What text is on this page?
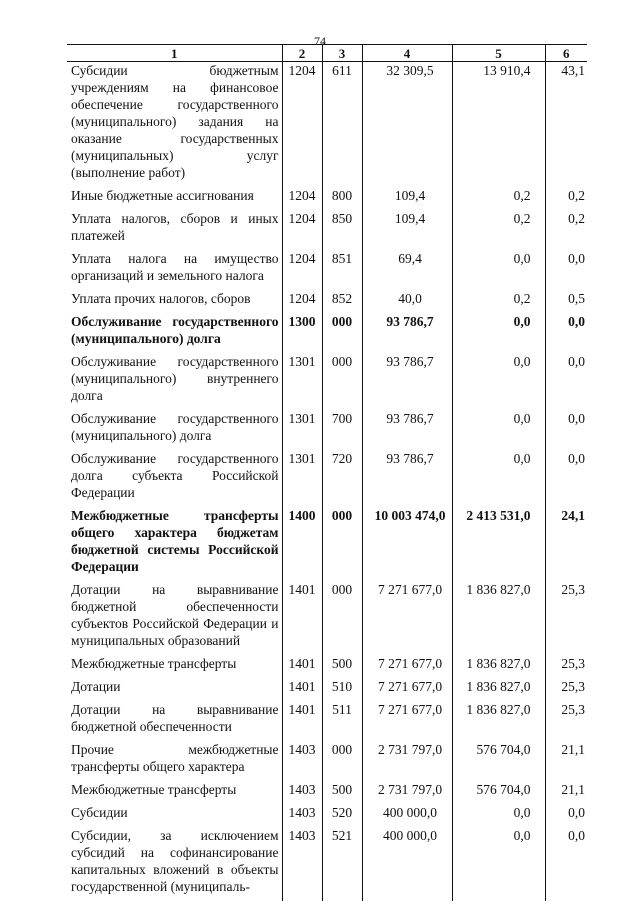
74
1	2	3	4	5	6
Субсидии бюджетным учреждениям на финансовое обеспечение государственного (муниципального) задания на оказание государственных (муниципальных) услуг (выполнение работ)	1204	611	32 309,5	13 910,4	43,1
Иные бюджетные ассигнования	1204	800	109,4	0,2	0,2
Уплата налогов, сборов и иных платежей	1204	850	109,4	0,2	0,2
Уплата налога на имущество организаций и земельного налога	1204	851	69,4	0,0	0,0
Уплата прочих налогов, сборов	1204	852	40,0	0,2	0,5
Обслуживание государственного (муниципального) долга	1300	000	93 786,7	0,0	0,0
Обслуживание государственного (муниципального) внутреннего долга	1301	000	93 786,7	0,0	0,0
Обслуживание государственного (муниципального) долга	1301	700	93 786,7	0,0	0,0
Обслуживание государственного долга субъекта Российской Федерации	1301	720	93 786,7	0,0	0,0
Межбюджетные трансферты общего характера бюджетам бюджетной системы Российской Федерации	1400	000	10 003 474,0	2 413 531,0	24,1
Дотации на выравнивание бюджетной обеспеченности субъектов Российской Федерации и муниципальных образований	1401	000	7 271 677,0	1 836 827,0	25,3
Межбюджетные трансферты	1401	500	7 271 677,0	1 836 827,0	25,3
Дотации	1401	510	7 271 677,0	1 836 827,0	25,3
Дотации на выравнивание бюджетной обеспеченности	1401	511	7 271 677,0	1 836 827,0	25,3
Прочие межбюджетные трансферты общего характера	1403	000	2 731 797,0	576 704,0	21,1
Межбюджетные трансферты	1403	500	2 731 797,0	576 704,0	21,1
Субсидии	1403	520	400 000,0	0,0	0,0
Субсидии, за исключением субсидий на софинансирование капитальных вложений в объекты государственной (муниципаль-	1403	521	400 000,0	0,0	0,0
